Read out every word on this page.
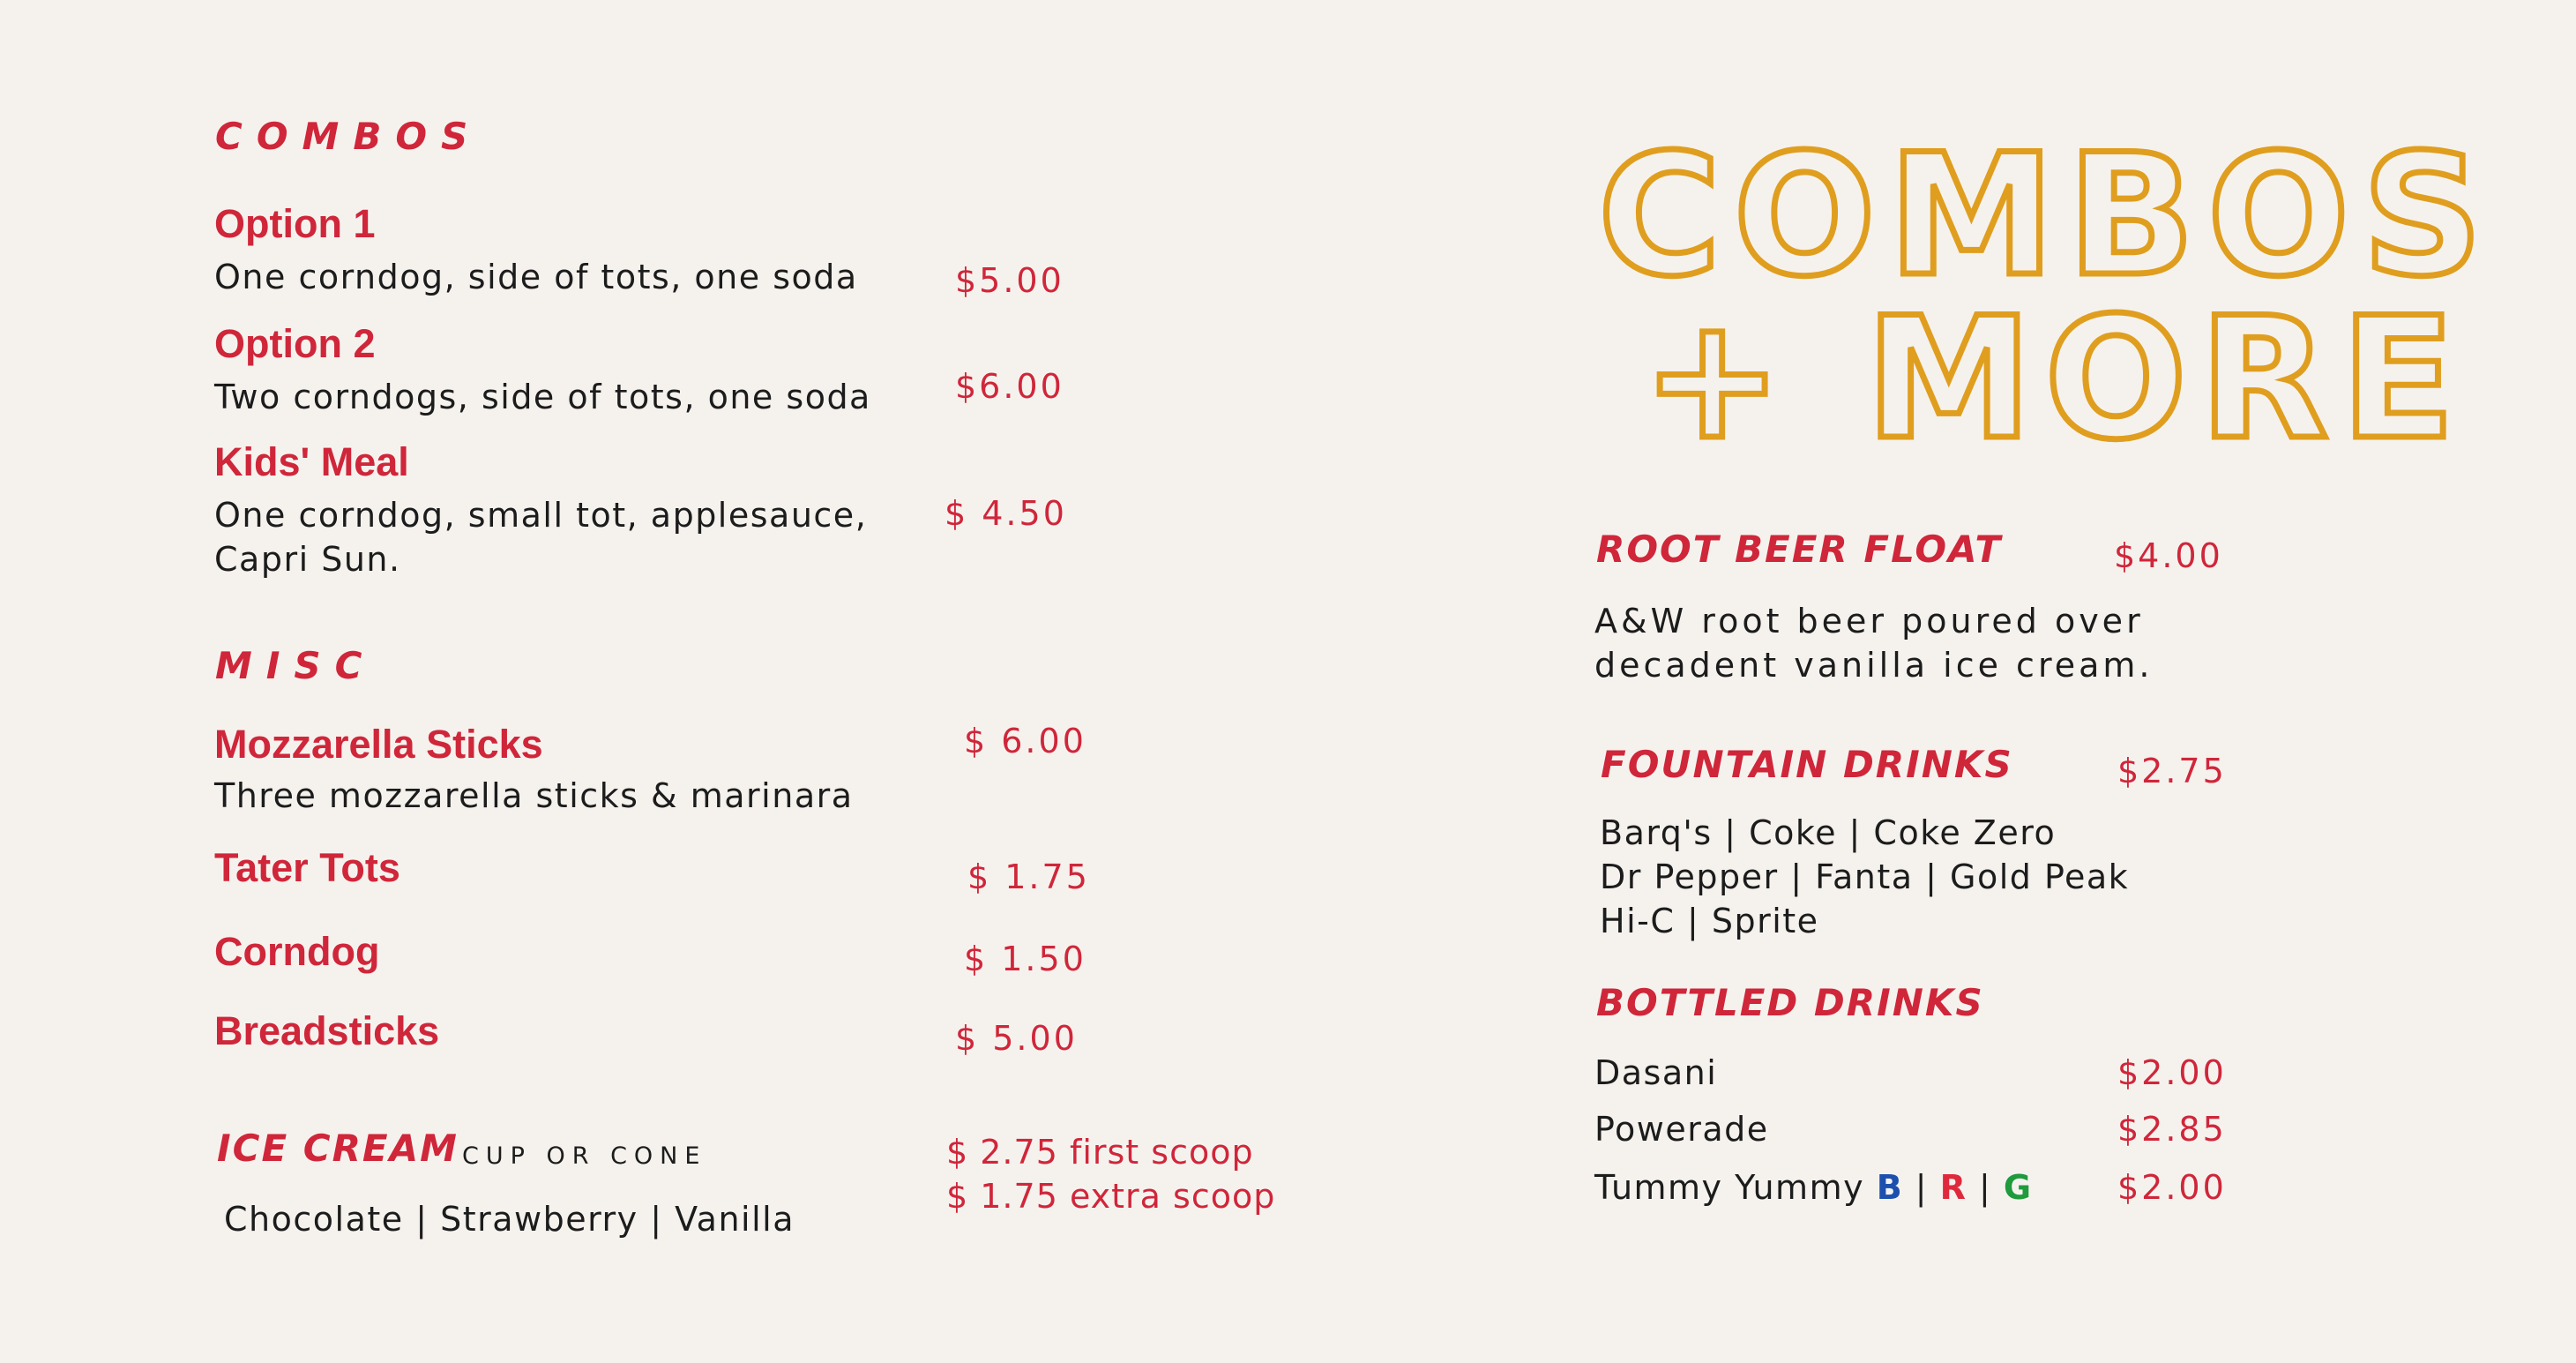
COMBOS
Option 1
One corndog, side of tots, one soda	$5.00
Option 2
Two corndogs, side of tots, one soda	$6.00
Kids' Meal
One corndog, small tot, applesauce,
Capri Sun.
$ 4.50
MISC
Mozzarella Sticks
Three mozzarella sticks & marinara
$ 6.00
Tater Tots	$ 1.75
Corndog	$ 1.50
Breadsticks	$ 5.00
ICE CREAM CUP OR CONE
Chocolate | Strawberry | Vanilla
$ 2.75 first scoop
$ 1.75 extra scoop
COMBOS
+ MORE
ROOT BEER FLOAT	$4.00
A&W root beer poured over
decadent vanilla ice cream.
FOUNTAIN DRINKS	$2.75
Barq's | Coke | Coke Zero
Dr Pepper | Fanta | Gold Peak
Hi-C | Sprite
BOTTLED DRINKS
Dasani	$2.00
Powerade	$2.85
Tummy Yummy B | R | G	$2.00
